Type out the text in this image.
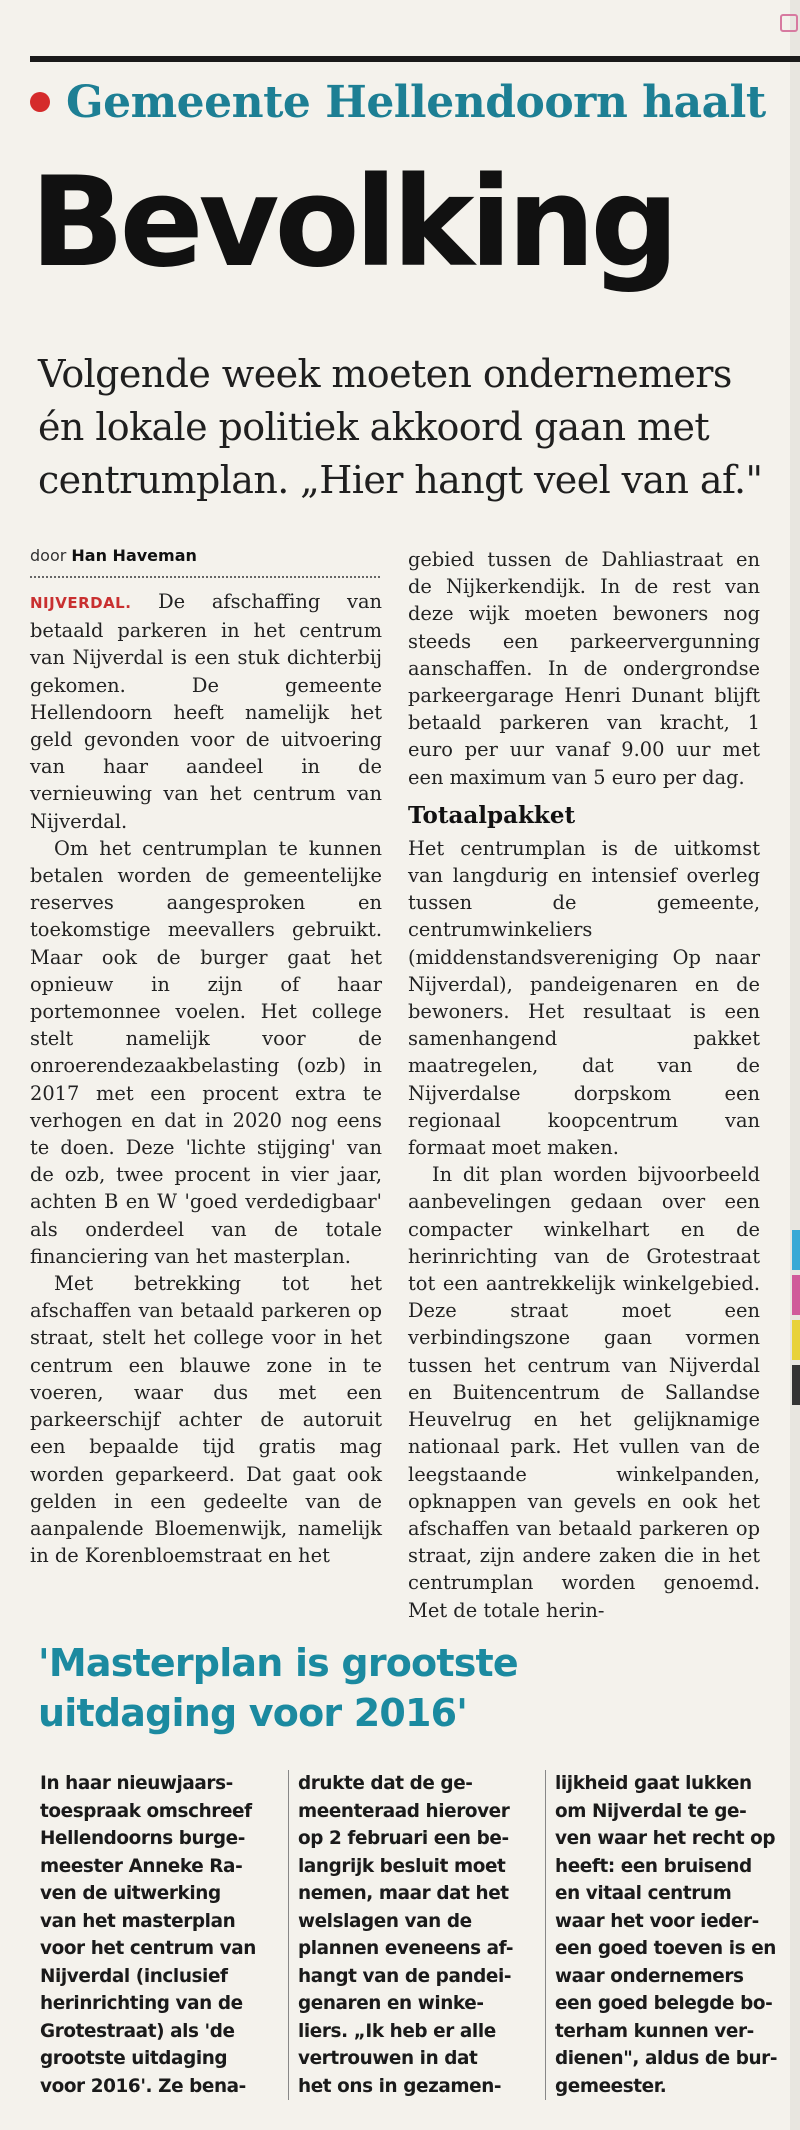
Gemeente Hellendoorn haalt
Bevolking
Volgende week moeten ondernemers
én lokale politiek akkoord gaan met
centrumplan. „Hier hangt veel van af."
door Han Haveman

NIJVERDAL. De afschaffing van betaald parkeren in het centrum van Nijverdal is een stuk dichterbij gekomen. De gemeente Hellendoorn heeft namelijk het geld gevonden voor de uitvoering van haar aandeel in de vernieuwing van het centrum van Nijverdal.

Om het centrumplan te kunnen betalen worden de gemeentelijke reserves aangesproken en toekomstige meevallers gebruikt. Maar ook de burger gaat het opnieuw in zijn of haar portemonnee voelen. Het college stelt namelijk voor de onroerendezaakbelasting (ozb) in 2017 met een procent extra te verhogen en dat in 2020 nog eens te doen. Deze 'lichte stijging' van de ozb, twee procent in vier jaar, achten B en W 'goed verdedigbaar' als onderdeel van de totale financiering van het masterplan.

Met betrekking tot het afschaffen van betaald parkeren op straat, stelt het college voor in het centrum een blauwe zone in te voeren, waar dus met een parkeerschijf achter de autoruit een bepaalde tijd gratis mag worden geparkeerd. Dat gaat ook gelden in een gedeelte van de aanpalende Bloemenwijk, namelijk in de Korenbloemstraat en het

gebied tussen de Dahliastraat en de Nijkerkendijk. In de rest van deze wijk moeten bewoners nog steeds een parkeervergunning aanschaffen. In de ondergrondse parkeergarage Henri Dunant blijft betaald parkeren van kracht, 1 euro per uur vanaf 9.00 uur met een maximum van 5 euro per dag.

Totaalpakket

Het centrumplan is de uitkomst van langdurig en intensief overleg tussen de gemeente, centrumwinkeliers (middenstandsvereniging Op naar Nijverdal), pandeigenaren en de bewoners. Het resultaat is een samenhangend pakket maatregelen, dat van de Nijverdalse dorpskom een regionaal koopcentrum van formaat moet maken.

In dit plan worden bijvoorbeeld aanbevelingen gedaan over een compacter winkelhart en de herinrichting van de Grotestraat tot een aantrekkelijk winkelgebied. Deze straat moet een verbindingszone gaan vormen tussen het centrum van Nijverdal en Buitencentrum de Sallandse Heuvelrug en het gelijknamige nationaal park. Het vullen van de leegstaande winkelpanden, opknappen van gevels en ook het afschaffen van betaald parkeren op straat, zijn andere zaken die in het centrumplan worden genoemd. Met de totale herin-

'Masterplan is grootste
uitdaging voor 2016'
In haar nieuwjaars-
toespraak omschreef
Hellendoorns burge-
meester Anneke Ra-
ven de uitwerking
van het masterplan
voor het centrum van
Nijverdal (inclusief
herinrichting van de
Grotestraat) als 'de
grootste uitdaging
voor 2016'. Ze bena-
drukte dat de ge-
meenteraad hierover
op 2 februari een be-
langrijk besluit moet
nemen, maar dat het
welslagen van de
plannen eveneens af-
hangt van de pandei-
genaren en winke-
liers. „Ik heb er alle
vertrouwen in dat
het ons in gezamen-
lijkheid gaat lukken
om Nijverdal te ge-
ven waar het recht op
heeft: een bruisend
en vitaal centrum
waar het voor ieder-
een goed toeven is en
waar ondernemers
een goed belegde bo-
terham kunnen ver-
dienen", aldus de bur-
gemeester.
